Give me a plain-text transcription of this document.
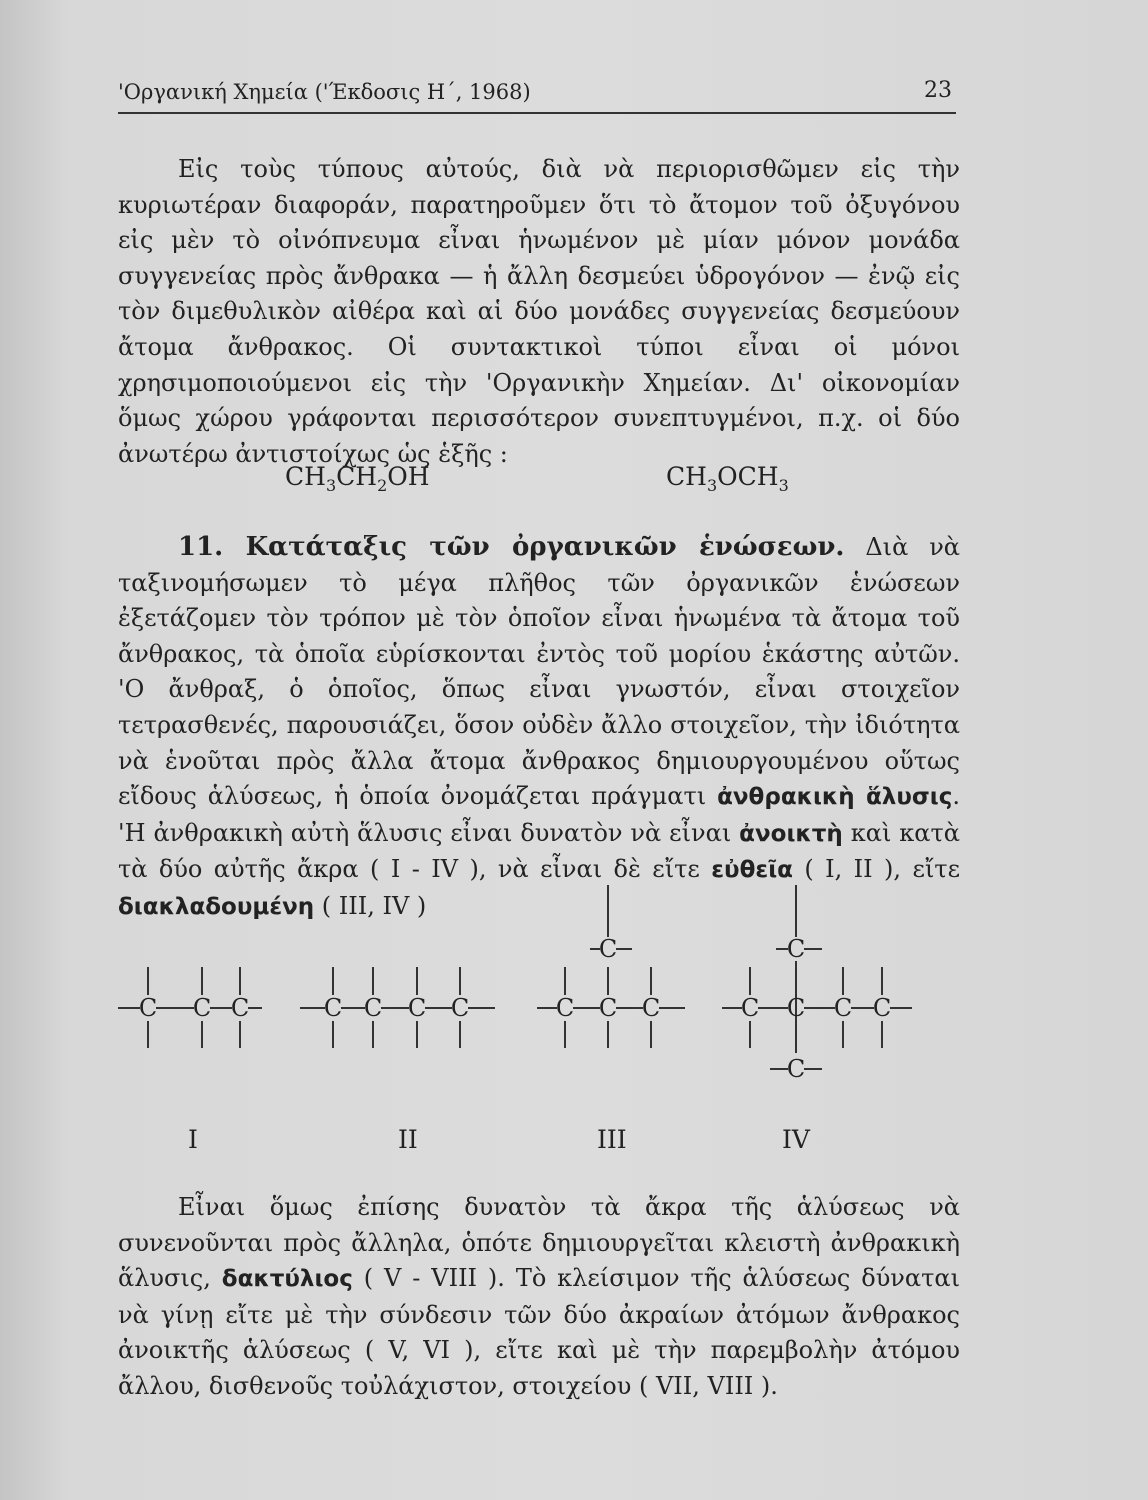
'Οργανική Χημεία ('Έκδοσις Η΄, 1968)	23

Εἰς τοὺς τύπους αὐτούς, διὰ νὰ περιορισθῶμεν εἰς τὴν κυριωτέραν διαφοράν, παρατηροῦμεν ὅτι τὸ ἄτομον τοῦ ὀξυγόνου εἰς μὲν τὸ οἰνόπνευμα εἶναι ἡνωμένον μὲ μίαν μόνον μονάδα συγγενείας πρὸς ἄνθρακα — ἡ ἄλλη δεσμεύει ὑδρογόνον — ἐνῷ εἰς τὸν διμεθυλικὸν αἰθέρα καὶ αἱ δύο μονάδες συγγενείας δεσμεύουν ἄτομα ἄνθρακος. Οἱ συντακτικοὶ τύποι εἶναι οἱ μόνοι χρησιμοποιούμενοι εἰς τὴν 'Οργανικὴν Χημείαν. Δι' οἰκονομίαν ὅμως χώρου γράφονται περισσότερον συνεπτυγμένοι, π.χ. οἱ δύο ἀνωτέρω ἀντιστοίχως ὡς ἑξῆς :

$CH_3CH_2OH$	$CH_3OCH_3$

11. Κατάταξις τῶν ὀργανικῶν ἑνώσεων. Διὰ νὰ ταξινομήσωμεν τὸ μέγα πλῆθος τῶν ὀργανικῶν ἑνώσεων ἐξετάζομεν τὸν τρόπον μὲ τὸν ὁποῖον εἶναι ἡνωμένα τὰ ἄτομα τοῦ ἄνθρακος, τὰ ὁποῖα εὑρίσκονται ἐντὸς τοῦ μορίου ἑκάστης αὐτῶν. 'Ο ἄνθραξ, ὁ ὁποῖος, ὅπως εἶναι γνωστόν, εἶναι στοιχεῖον τετρασθενές, παρουσιάζει, ὅσον οὐδὲν ἄλλο στοιχεῖον, τὴν ἰδιότητα νὰ ἑνοῦται πρὸς ἄλλα ἄτομα ἄνθρακος δημιουργουμένου οὕτως εἴδους ἁλύσεως, ἡ ὁποία ὀνομάζεται πράγματι ἀνθρακικὴ ἅλυσις. 'Η ἀνθρακικὴ αὐτὴ ἅλυσις εἶναι δυνατὸν νὰ εἶναι ἀνοικτὴ καὶ κατὰ τὰ δύο αὐτῆς ἄκρα ( I - IV ), νὰ εἶναι δὲ εἴτε εὐθεῖα ( I, II ), εἴτε διακλαδουμένη ( III, IV )

C C C	C C C C	C C C
C
C C C C
C
C
I	II	III	IV

Εἶναι ὅμως ἐπίσης δυνατὸν τὰ ἄκρα τῆς ἁλύσεως νὰ συνενοῦνται πρὸς ἄλληλα, ὁπότε δημιουργεῖται κλειστὴ ἀνθρακικὴ ἅλυσις, δακτύλιος ( V - VIII ). Τὸ κλείσιμον τῆς ἁλύσεως δύναται νὰ γίνῃ εἴτε μὲ τὴν σύνδεσιν τῶν δύο ἀκραίων ἀτόμων ἄνθρακος ἀνοικτῆς ἁλύσεως ( V, VI ), εἴτε καὶ μὲ τὴν παρεμβολὴν ἀτόμου ἄλλου, δισθενοῦς τοὐλάχιστον, στοιχείου ( VII, VIII ).
